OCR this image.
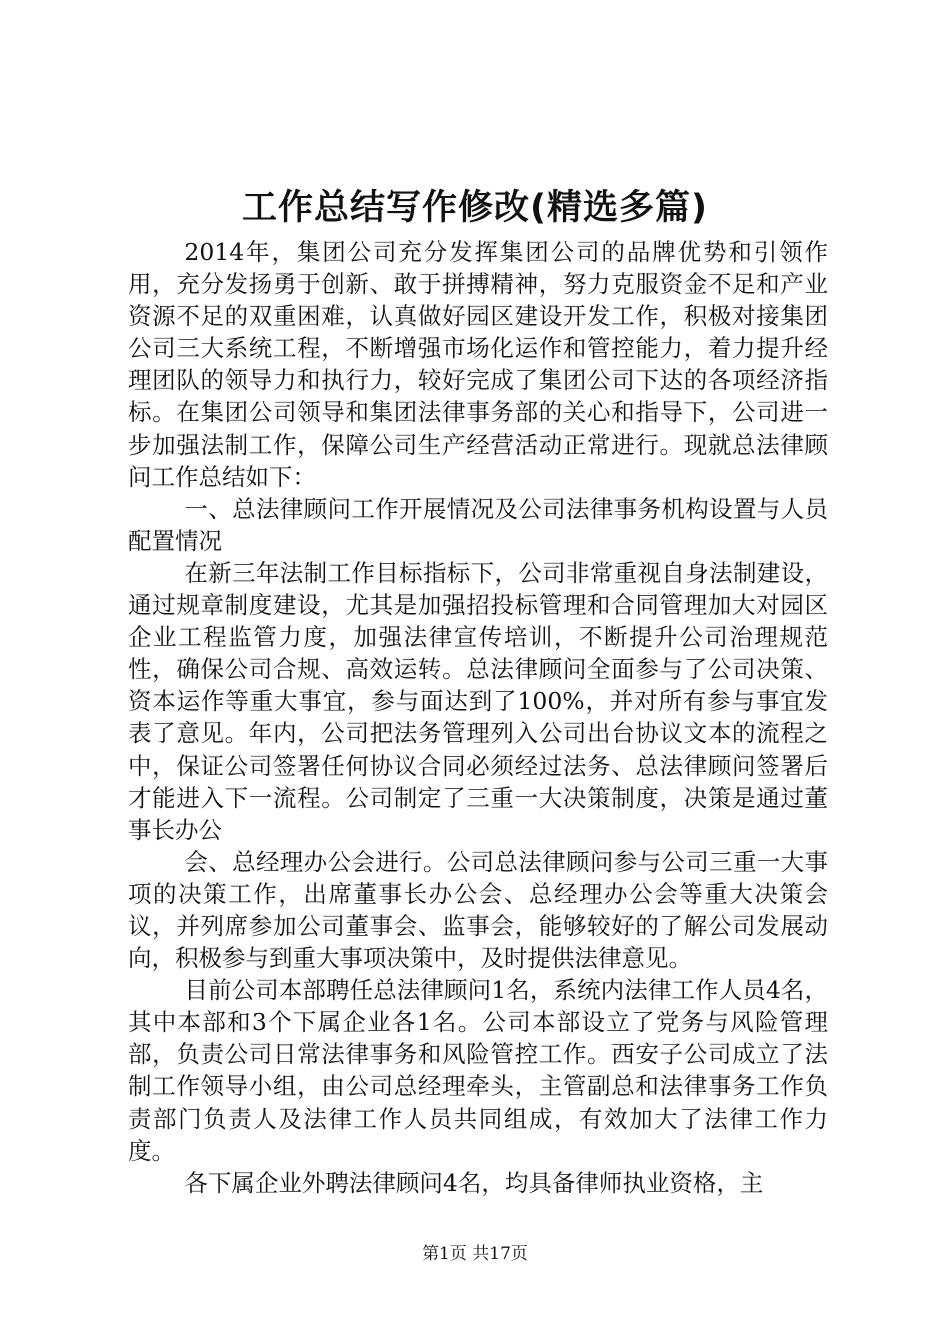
工作总结写作修改(精选多篇)

2014年，集团公司充分发挥集团公司的品牌优势和引领作用，充分发扬勇于创新、敢于拼搏精神，努力克服资金不足和产业资源不足的双重困难，认真做好园区建设开发工作，积极对接集团公司三大系统工程，不断增强市场化运作和管控能力，着力提升经理团队的领导力和执行力，较好完成了集团公司下达的各项经济指标。在集团公司领导和集团法律事务部的关心和指导下，公司进一步加强法制工作，保障公司生产经营活动正常进行。现就总法律顾问工作总结如下：

一、总法律顾问工作开展情况及公司法律事务机构设置与人员配置情况

在新三年法制工作目标指标下，公司非常重视自身法制建设，通过规章制度建设，尤其是加强招投标管理和合同管理加大对园区企业工程监管力度，加强法律宣传培训，不断提升公司治理规范性，确保公司合规、高效运转。总法律顾问全面参与了公司决策、资本运作等重大事宜，参与面达到了100%，并对所有参与事宜发表了意见。年内，公司把法务管理列入公司出台协议文本的流程之中，保证公司签署任何协议合同必须经过法务、总法律顾问签署后才能进入下一流程。公司制定了三重一大决策制度，决策是通过董事长办公

会、总经理办公会进行。公司总法律顾问参与公司三重一大事项的决策工作，出席董事长办公会、总经理办公会等重大决策会议，并列席参加公司董事会、监事会，能够较好的了解公司发展动向，积极参与到重大事项决策中，及时提供法律意见。

目前公司本部聘任总法律顾问1名，系统内法律工作人员4名，其中本部和3个下属企业各1名。公司本部设立了党务与风险管理部，负责公司日常法律事务和风险管控工作。西安子公司成立了法制工作领导小组，由公司总经理牵头，主管副总和法律事务工作负责部门负责人及法律工作人员共同组成，有效加大了法律工作力度。

各下属企业外聘法律顾问4名，均具备律师执业资格，主

第1页 共17页
